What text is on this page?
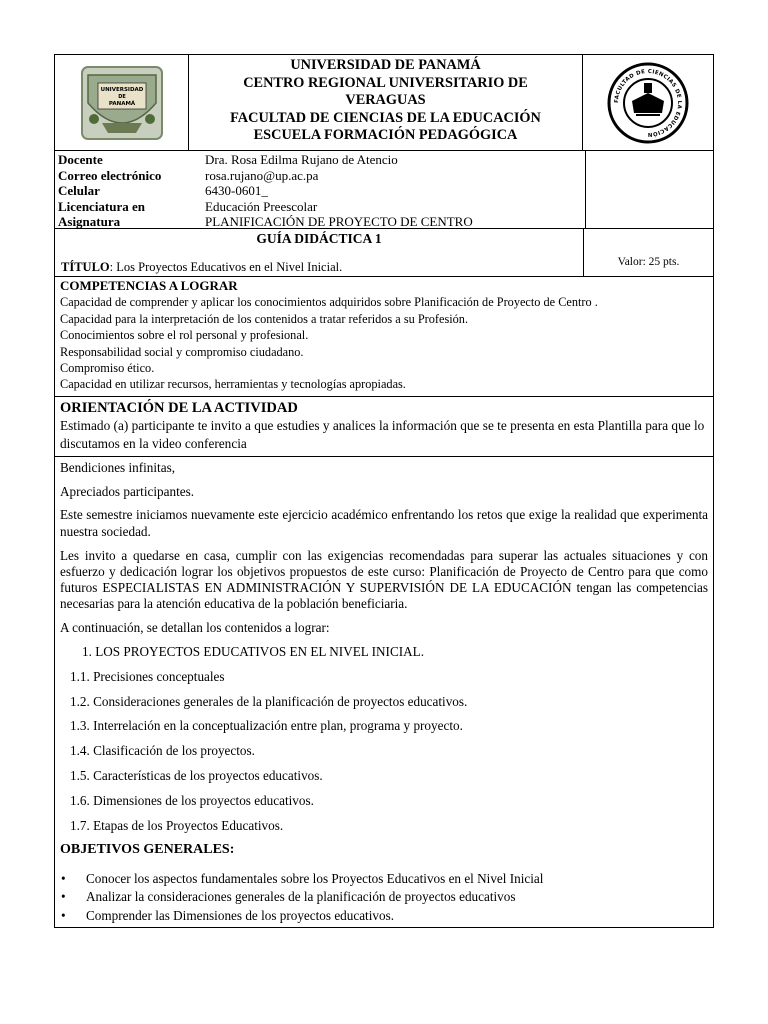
UNIVERSIDAD
DE
PANAMÁ
UNIVERSIDAD DE PANAMÁ
CENTRO REGIONAL UNIVERSITARIO DE
VERAGUAS
FACULTAD DE CIENCIAS DE LA EDUCACIÓN
ESCUELA FORMACIÓN PEDAGÓGICA
FACULTAD DE CIENCIAS DE LA EDUCACIÓN
Docente
Correo electrónico
Celular
Licenciatura en
Asignatura
Dra. Rosa Edilma Rujano de Atencio
rosa.rujano@up.ac.pa
6430-0601_
Educación Preescolar
PLANIFICACIÓN DE PROYECTO DE CENTRO
GUÍA DIDÁCTICA 1
TÍTULO: Los Proyectos Educativos en el Nivel Inicial.	Valor: 25 pts.
COMPETENCIAS A LOGRAR
Capacidad de comprender y aplicar los conocimientos adquiridos sobre Planificación de Proyecto de Centro .
Capacidad para la interpretación de los contenidos a tratar referidos a su Profesión.
Conocimientos sobre el rol personal y profesional.
Responsabilidad social y compromiso ciudadano.
Compromiso ético.
Capacidad en utilizar recursos, herramientas y tecnologías apropiadas.
ORIENTACIÓN DE LA ACTIVIDAD
Estimado (a) participante te invito a que estudies y analices la información que se te presenta en esta Plantilla para que lo discutamos en la video conferencia

Bendiciones infinitas,

Apreciados participantes.

Este semestre iniciamos nuevamente este ejercicio académico enfrentando los retos que exige la realidad que experimenta nuestra sociedad.

Les invito a quedarse en casa, cumplir con las exigencias recomendadas para superar las actuales situaciones y con esfuerzo y dedicación lograr los objetivos propuestos de este curso: Planificación de Proyecto de Centro para que como futuros ESPECIALISTAS EN ADMINISTRACIÓN Y SUPERVISIÓN DE LA EDUCACIÓN tengan las competencias necesarias para la atención educativa de la población beneficiaria.

A continuación, se detallan los contenidos a lograr:

1. LOS PROYECTOS EDUCATIVOS EN EL NIVEL INICIAL.
1.1. Precisiones conceptuales
1.2. Consideraciones generales de la planificación de proyectos educativos.
1.3. Interrelación en la conceptualización entre plan, programa y proyecto.
1.4. Clasificación de los proyectos.
1.5. Características de los proyectos educativos.
1.6. Dimensiones de los proyectos educativos.
1.7. Etapas de los Proyectos Educativos.
OBJETIVOS GENERALES:
• Conocer los aspectos fundamentales sobre los Proyectos Educativos en el Nivel Inicial
• Analizar la consideraciones generales de la planificación de proyectos educativos
• Comprender las Dimensiones de los proyectos educativos.
